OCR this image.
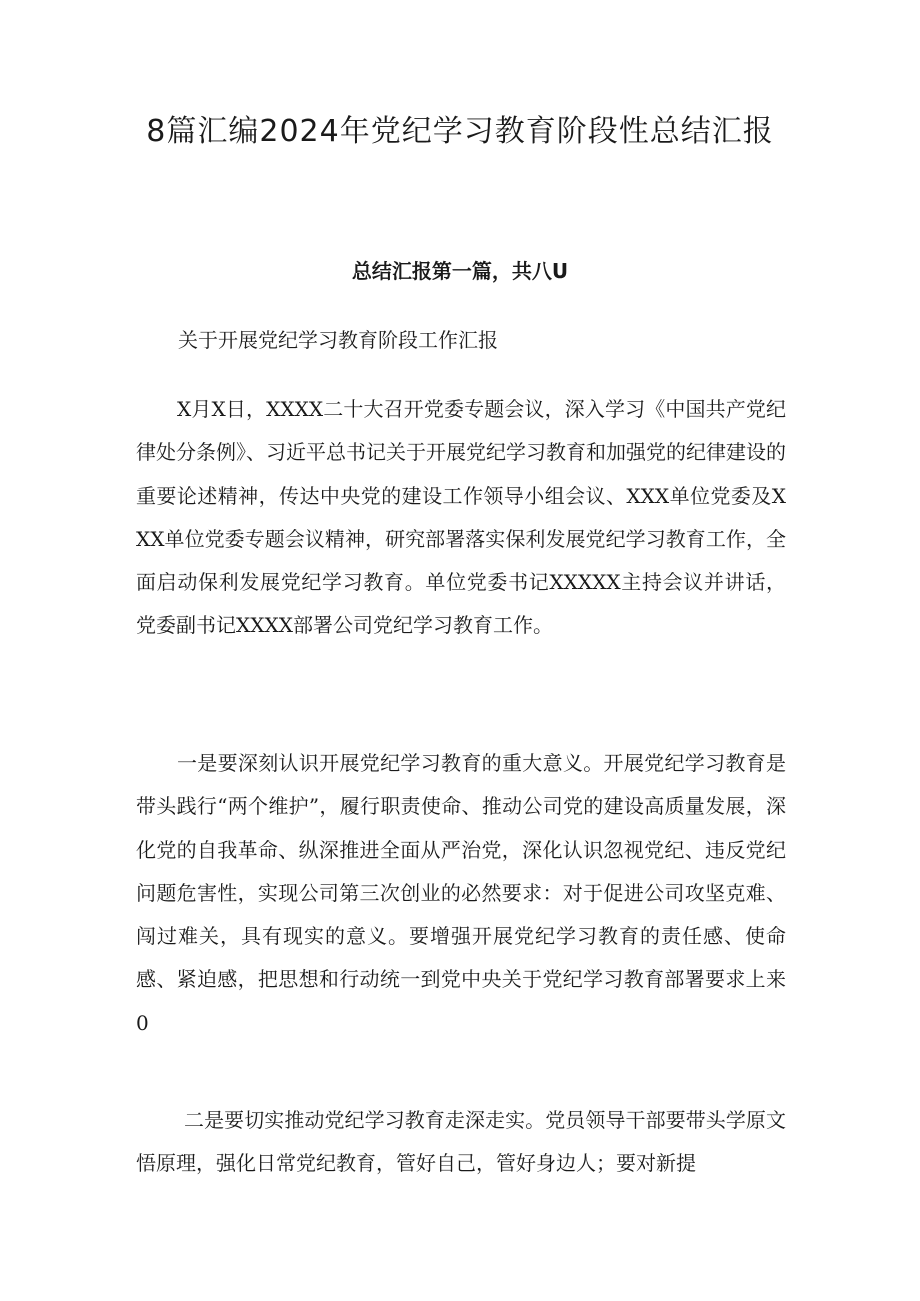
8篇汇编2024年党纪学习教育阶段性总结汇报
总结汇报第一篇，共八U

关于开展党纪学习教育阶段工作汇报

X月X日，XXXX二十大召开党委专题会议，深入学习《中国共产党纪律处分条例》、习近平总书记关于开展党纪学习教育和加强党的纪律建设的重要论述精神，传达中央党的建设工作领导小组会议、XXX单位党委及XXX单位党委专题会议精神，研究部署落实保利发展党纪学习教育工作，全面启动保利发展党纪学习教育。单位党委书记XXXXX主持会议并讲话，党委副书记XXXX部署公司党纪学习教育工作。

一是要深刻认识开展党纪学习教育的重大意义。开展党纪学习教育是带头践行“两个维护”，履行职责使命、推动公司党的建设高质量发展，深化党的自我革命、纵深推进全面从严治党，深化认识忽视党纪、违反党纪问题危害性，实现公司第三次创业的必然要求：对于促进公司攻坚克难、闯过难关，具有现实的意义。要增强开展党纪学习教育的责任感、使命感、紧迫感，把思想和行动统一到党中央关于党纪学习教育部署要求上来0

二是要切实推动党纪学习教育走深走实。党员领导干部要带头学原文悟原理，强化日常党纪教育，管好自己，管好身边人；要对新提
